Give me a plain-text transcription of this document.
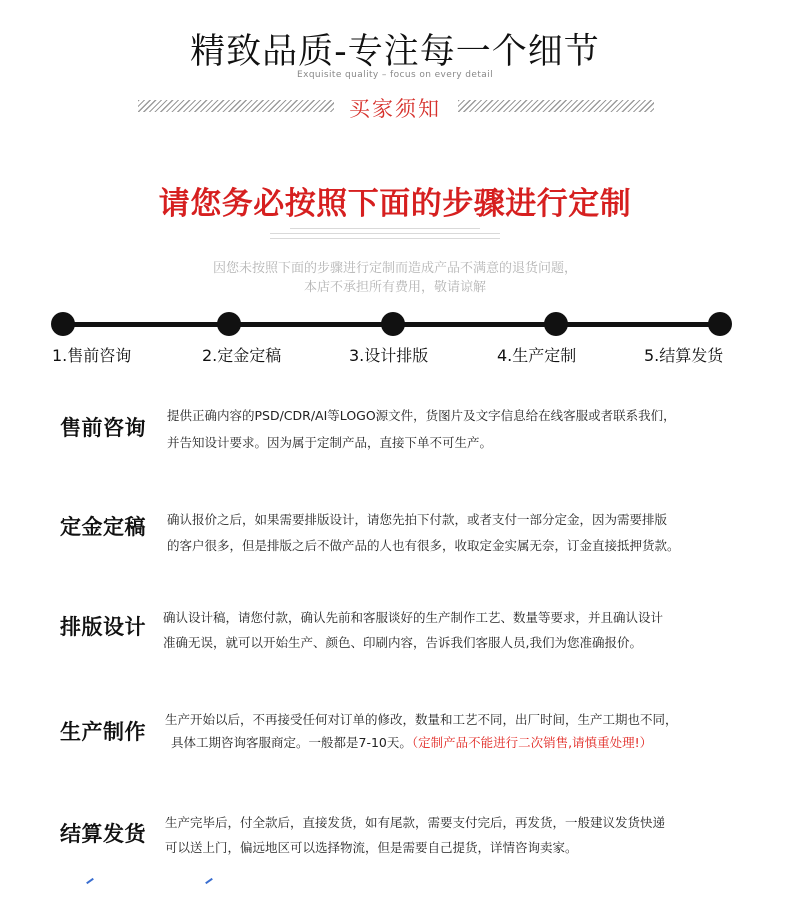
精致品质-专注每一个细节
Exquisite quality – focus on every detail
买家须知
请您务必按照下面的步骤进行定制
因您未按照下面的步骤进行定制而造成产品不满意的退货问题，
本店不承担所有费用，敬请谅解
1.售前咨询	2.定金定稿	3.设计排版	4.生产定制	5.结算发货
售前咨询
提供正确内容的PSD/CDR/AI等LOGO源文件，货图片及文字信息给在线客服或者联系我们，
并告知设计要求。因为属于定制产品，直接下单不可生产。
定金定稿 确认报价之后，如果需要排版设计，请您先拍下付款，或者支付一部分定金，因为需要排版
的客户很多，但是排版之后不做产品的人也有很多，收取定金实属无奈，订金直接抵押货款。
排版设计 确认设计稿，请您付款，确认先前和客服谈好的生产制作工艺、数量等要求，并且确认设计
准确无误，就可以开始生产、颜色、印刷内容，告诉我们客服人员,我们为您准确报价。
生产制作
生产开始以后，不再接受任何对订单的修改，数量和工艺不同，出厂时间，生产工期也不同，
具体工期咨询客服商定。一般都是7-10天。（定制产品不能进行二次销售,请慎重处理!）
结算发货 生产完毕后，付全款后，直接发货，如有尾款，需要支付完后，再发货，一般建议发货快递
可以送上门，偏远地区可以选择物流，但是需要自己提货，详情咨询卖家。
